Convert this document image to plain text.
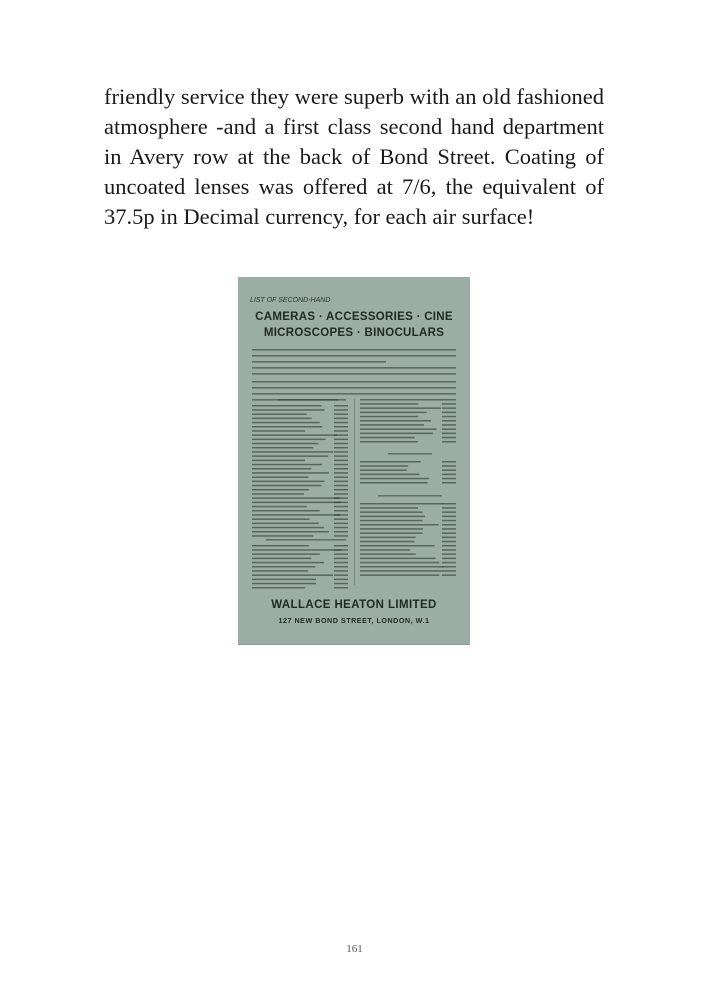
friendly service they were superb with an old fashioned atmosphere -and a first class second hand department in Avery row at the back of Bond Street. Coating of uncoated lenses was offered at 7/6, the equivalent of 37.5p in Decimal currency, for each air surface!

LIST OF SECOND-HAND
CAMERAS · ACCESSORIES · CINE
MICROSCOPES · BINOCULARS
WALLACE HEATON LIMITED
127 NEW BOND STREET, LONDON, W.1
161
